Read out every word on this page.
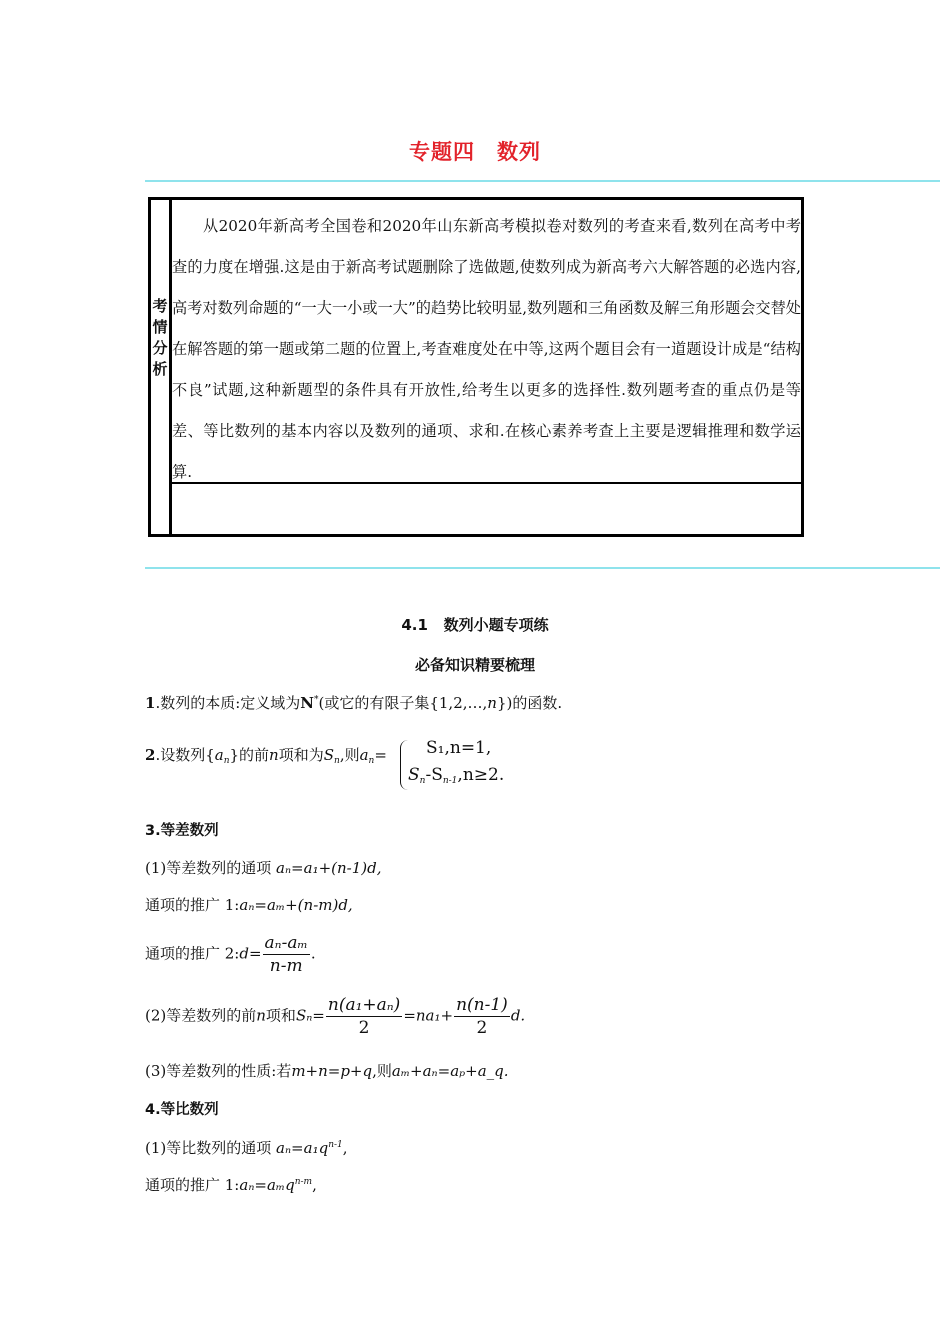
专题四 数列
考
情
分
析
从2020年新高考全国卷和2020年山东新高考模拟卷对数列的考查来看,数列在高考中考查的力度在增强.这是由于新高考试题删除了选做题,使数列成为新高考六大解答题的必选内容,高考对数列命题的“一大一小或一大”的趋势比较明显,数列题和三角函数及解三角形题会交替处在解答题的第一题或第二题的位置上,考查难度处在中等,这两个题目会有一道题设计成是“结构不良”试题,这种新题型的条件具有开放性,给考生以更多的选择性.数列题考查的重点仍是等差、等比数列的基本内容以及数列的通项、求和.在核心素养考查上主要是逻辑推理和数学运算.
4.1 数列小题专项练
必备知识精要梳理
1.数列的本质:定义域为N*(或它的有限子集{1,2,…,n})的函数.
2.设数列$\{a_n\}$的前n项和为$S_n$,则$a_n= S_1,n=1$,
$S_n-S_{n-1},n\ge 2$.
3.等差数列
(1)等差数列的通项 aₙ=a₁+(n-1)d,
通项的推广 1:aₙ=aₘ+(n-m)d,
通项的推广 2:d= $\frac{\text{aₙ-aₘ}}{n-m}$ .
(2)等差数列的前n项和$S_n= \frac{\text{n(a₁+aₙ)}}{2} =na_1+ \frac{n(n-1)}{2} d$.
(3)等差数列的性质:若m+n=p+q,则aₘ+aₙ=aₚ+a_q.
4.等比数列
(1)等比数列的通项 $a_n=a_1q^{n-1}$,
通项的推广 1:aₙ=aₘq$^{n-m}$,
